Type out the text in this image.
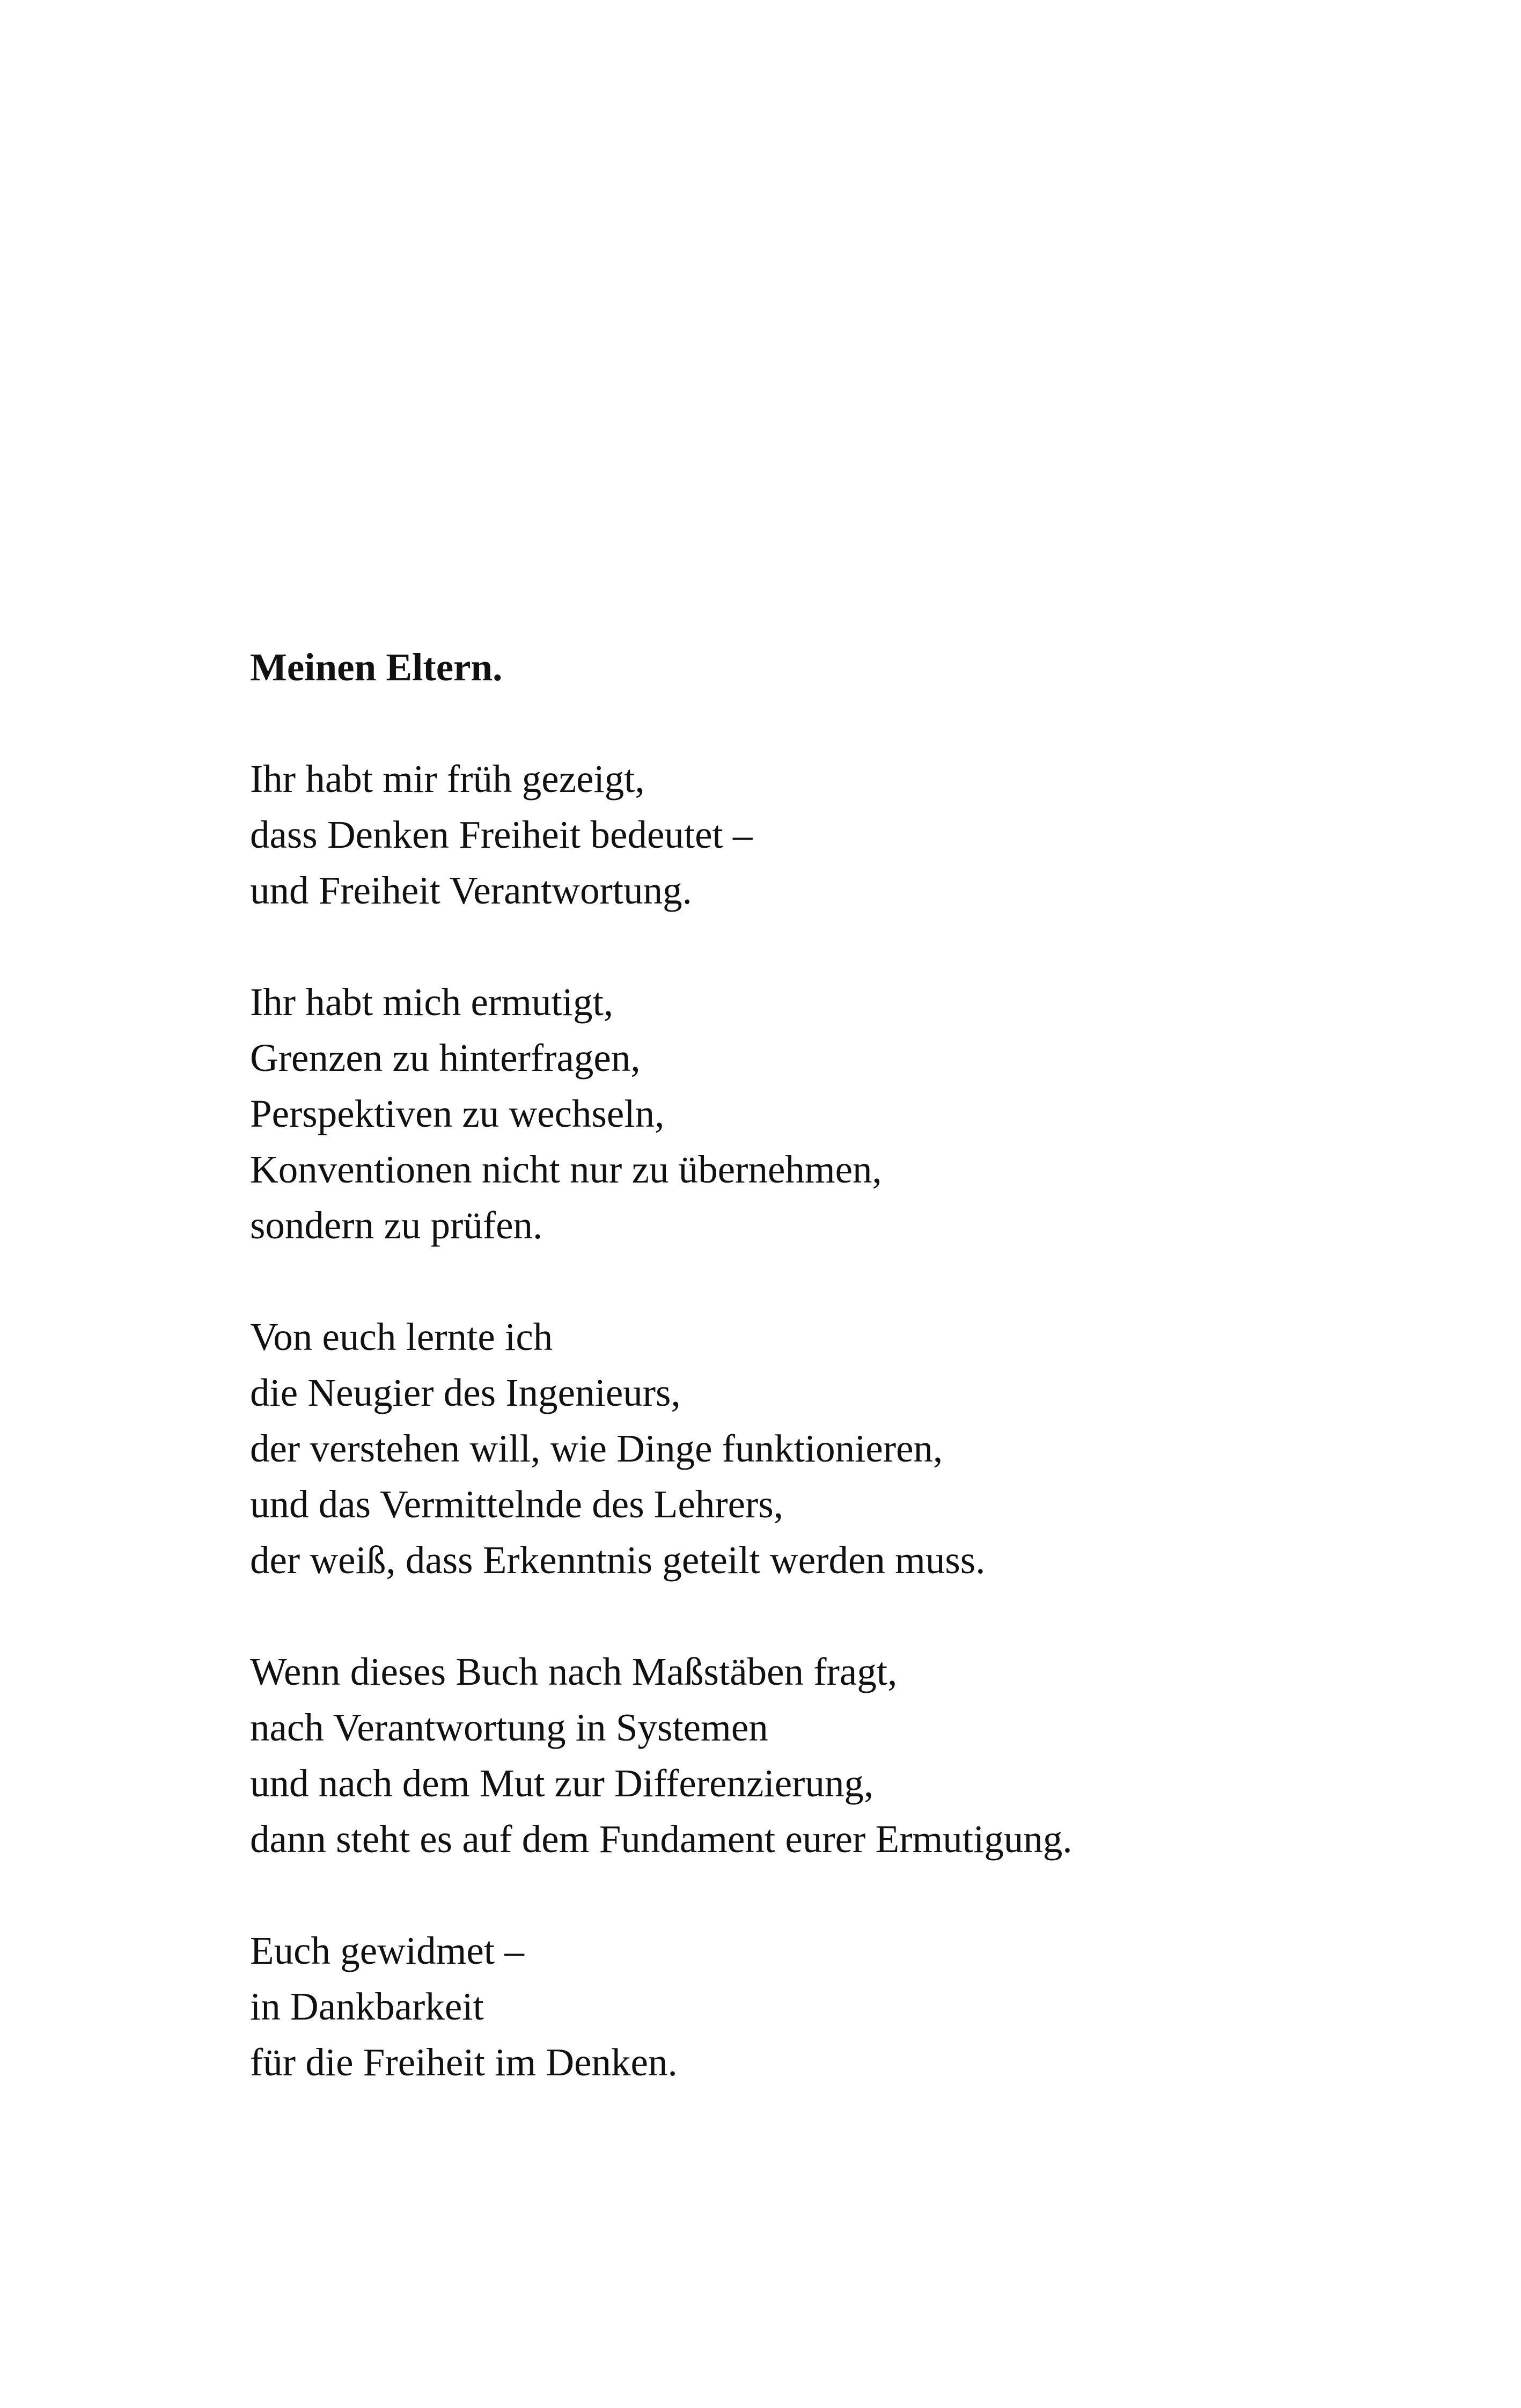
Meinen Eltern.

Ihr habt mir früh gezeigt,
dass Denken Freiheit bedeutet –
und Freiheit Verantwortung.

Ihr habt mich ermutigt,
Grenzen zu hinterfragen,
Perspektiven zu wechseln,
Konventionen nicht nur zu übernehmen,
sondern zu prüfen.

Von euch lernte ich
die Neugier des Ingenieurs,
der verstehen will, wie Dinge funktionieren,
und das Vermittelnde des Lehrers,
der weiß, dass Erkenntnis geteilt werden muss.

Wenn dieses Buch nach Maßstäben fragt,
nach Verantwortung in Systemen
und nach dem Mut zur Differenzierung,
dann steht es auf dem Fundament eurer Ermutigung.

Euch gewidmet –
in Dankbarkeit
für die Freiheit im Denken.
